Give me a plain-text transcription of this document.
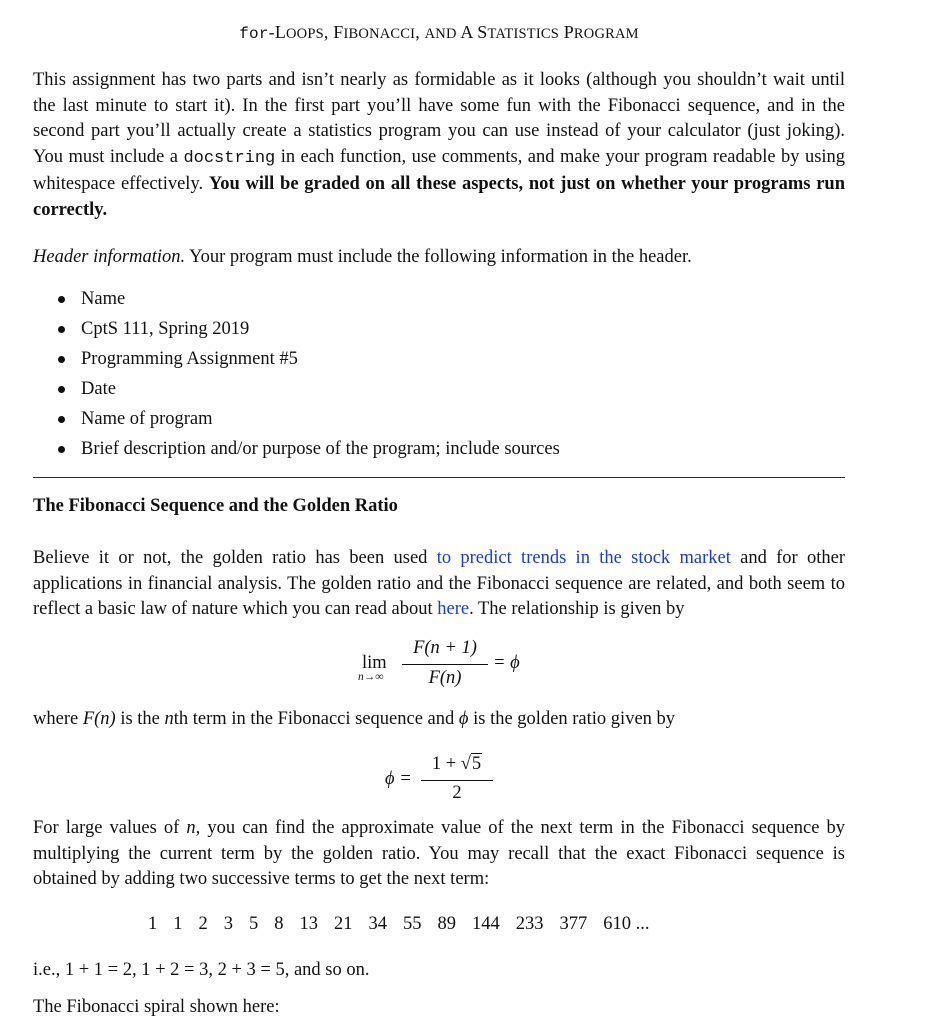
for-LOOPS, FIBONACCI, AND A STATISTICS PROGRAM
This assignment has two parts and isn’t nearly as formidable as it looks (although you shouldn’t wait until the last minute to start it). In the first part you’ll have some fun with the Fibonacci sequence, and in the second part you’ll actually create a statistics program you can use instead of your calculator (just joking). You must include a docstring in each function, use comments, and make your program readable by using whitespace effectively. You will be graded on all these aspects, not just on whether your programs run correctly.
Header information. Your program must include the following information in the header.
Name
CptS 111, Spring 2019
Programming Assignment #5
Date
Name of program
Brief description and/or purpose of the program; include sources
The Fibonacci Sequence and the Golden Ratio
Believe it or not, the golden ratio has been used to predict trends in the stock market and for other applications in financial analysis. The golden ratio and the Fibonacci sequence are related, and both seem to reflect a basic law of nature which you can read about here. The relationship is given by
lim
n→∞
F(n + 1)
F(n)
= ϕ
where F(n) is the nth term in the Fibonacci sequence and ϕ is the golden ratio given by
ϕ =
1 + √5
2
For large values of n, you can find the approximate value of the next term in the Fibonacci sequence by multiplying the current term by the golden ratio. You may recall that the exact Fibonacci sequence is obtained by adding two successive terms to get the next term:
1 1 2 3 5 8 13 21 34 55 89 144 233 377 610 ...
i.e., 1 + 1 = 2, 1 + 2 = 3, 2 + 3 = 5, and so on.
The Fibonacci spiral shown here:
